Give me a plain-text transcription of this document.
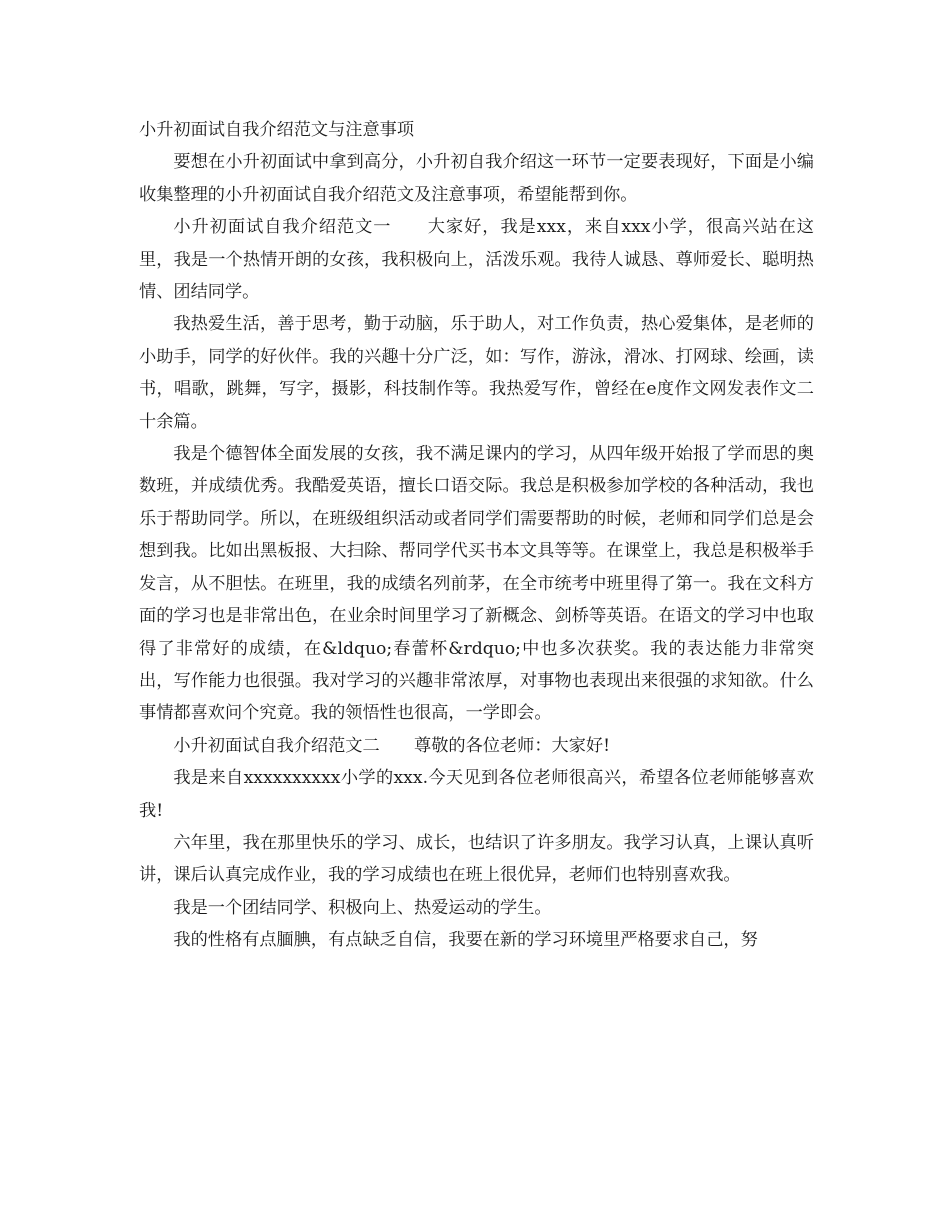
小升初面试自我介绍范文与注意事项

要想在小升初面试中拿到高分，小升初自我介绍这一环节一定要表现好，下面是小编收集整理的小升初面试自我介绍范文及注意事项，希望能帮到你。

小升初面试自我介绍范文一　　大家好，我是xxx，来自xxx小学，很高兴站在这里，我是一个热情开朗的女孩，我积极向上，活泼乐观。我待人诚恳、尊师爱长、聪明热情、团结同学。

我热爱生活，善于思考，勤于动脑，乐于助人，对工作负责，热心爱集体，是老师的小助手，同学的好伙伴。我的兴趣十分广泛，如：写作，游泳，滑冰、打网球、绘画，读书，唱歌，跳舞，写字，摄影，科技制作等。我热爱写作，曾经在e度作文网发表作文二十余篇。

我是个德智体全面发展的女孩，我不满足课内的学习，从四年级开始报了学而思的奥数班，并成绩优秀。我酷爱英语，擅长口语交际。我总是积极参加学校的各种活动，我也乐于帮助同学。所以，在班级组织活动或者同学们需要帮助的时候，老师和同学们总是会想到我。比如出黑板报、大扫除、帮同学代买书本文具等等。在课堂上，我总是积极举手发言，从不胆怯。在班里，我的成绩名列前茅，在全市统考中班里得了第一。我在文科方面的学习也是非常出色，在业余时间里学习了新概念、剑桥等英语。在语文的学习中也取得了非常好的成绩，在&ldquo;春蕾杯&rdquo;中也多次获奖。我的表达能力非常突出，写作能力也很强。我对学习的兴趣非常浓厚，对事物也表现出来很强的求知欲。什么事情都喜欢问个究竟。我的领悟性也很高，一学即会。

小升初面试自我介绍范文二　　尊敬的各位老师：大家好!

我是来自xxxxxxxxxx小学的xxx.今天见到各位老师很高兴，希望各位老师能够喜欢我!

六年里，我在那里快乐的学习、成长，也结识了许多朋友。我学习认真，上课认真听讲，课后认真完成作业，我的学习成绩也在班上很优异，老师们也特别喜欢我。

我是一个团结同学、积极向上、热爱运动的学生。

我的性格有点腼腆，有点缺乏自信，我要在新的学习环境里严格要求自己，努
